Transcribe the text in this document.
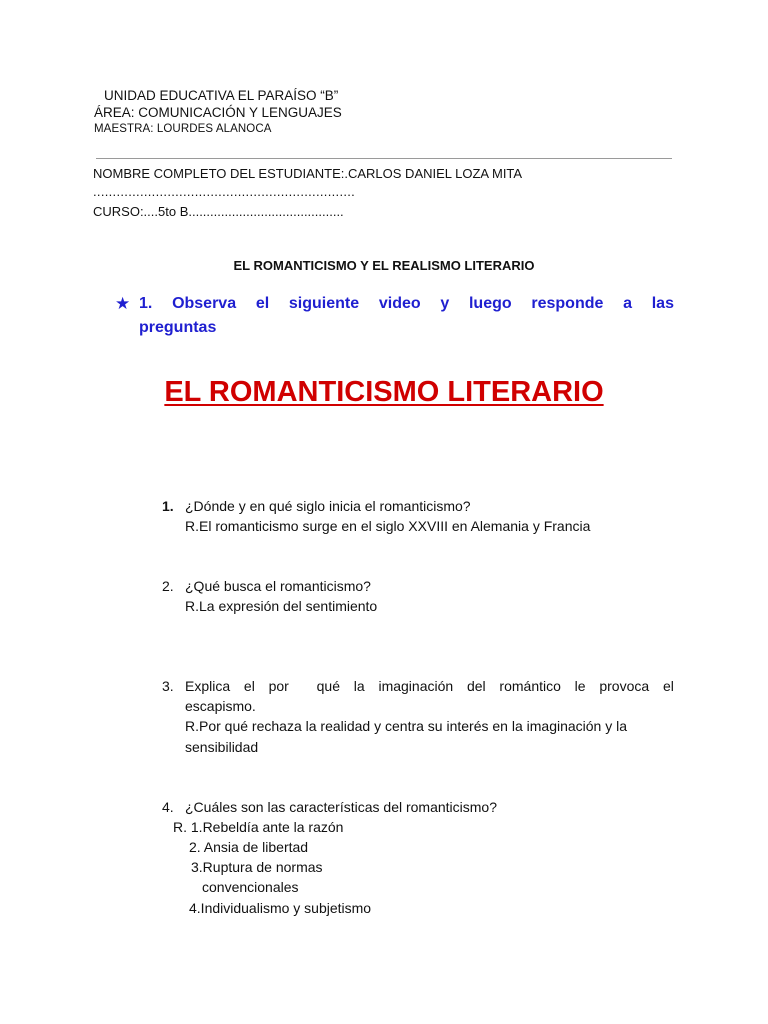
UNIDAD EDUCATIVA EL PARAÍSO “B”
ÁREA: COMUNICACIÓN Y LENGUAJES
MAESTRA: LOURDES ALANOCA
NOMBRE COMPLETO DEL ESTUDIANTE:.CARLOS DANIEL LOZA MITA
...................................................................
CURSO:....5to B...........................................
EL ROMANTICISMO Y EL REALISMO LITERARIO
★ 1. Observa el siguiente video y luego responde a las
preguntas
EL ROMANTICISMO LITERARIO
1. ¿Dónde y en qué siglo inicia el romanticismo?
R.El romanticismo surge en el siglo XXVIII en Alemania y Francia
2. ¿Qué busca el romanticismo?
R.La expresión del sentimiento
3. Explica el por qué la imaginación del romántico le provoca el
escapismo.
R.Por qué rechaza la realidad y centra su interés en la imaginación y la
sensibilidad
4. ¿Cuáles son las características del romanticismo?
R. 1.Rebeldía ante la razón
2. Ansia de libertad
3.Ruptura de normas
convencionales
4.Individualismo y subjetismo
